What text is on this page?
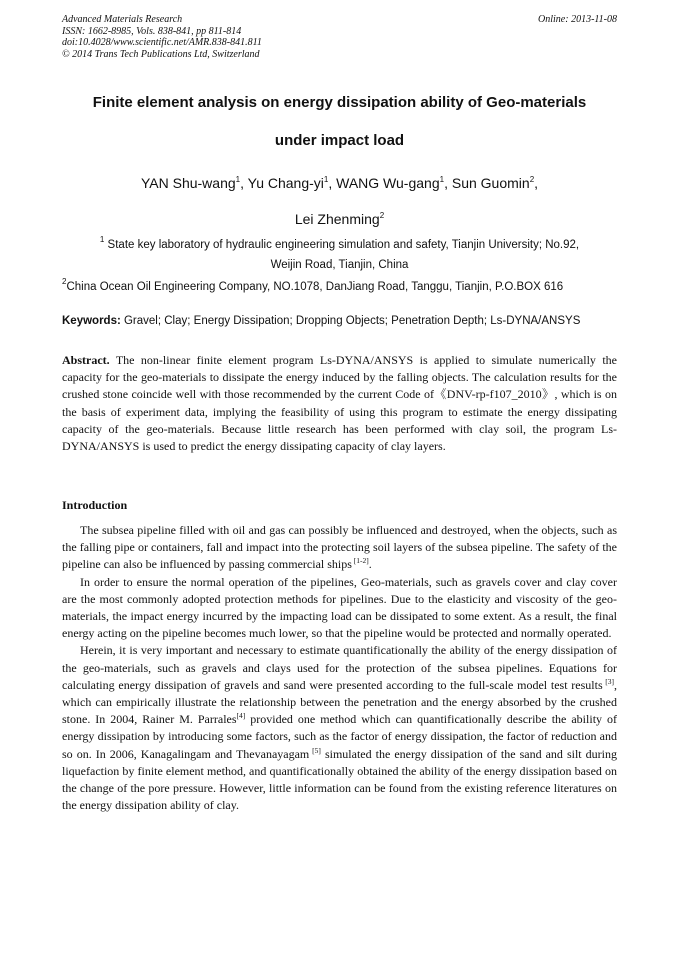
Advanced Materials Research
ISSN: 1662-8985, Vols. 838-841, pp 811-814
doi:10.4028/www.scientific.net/AMR.838-841.811
© 2014 Trans Tech Publications Ltd, Switzerland
Online: 2013-11-08
Finite element analysis on energy dissipation ability of Geo-materials
under impact load
YAN Shu-wang$^1$, Yu Chang-$yi^1$, WANG Wu-gang$^1$, Sun Guomin$^2$,
Lei Zhenming$^2$
$^1$ State key laboratory of hydraulic engineering simulation and safety, Tianjin University; No.92,
Weijin Road, Tianjin, China
$^2$China Ocean Oil Engineering Company, NO.1078, DanJiang Road, Tanggu, Tianjin, P.O.BOX 616
Keywords: Gravel; Clay; Energy Dissipation; Dropping Objects; Penetration Depth; Ls-DYNA/ANSYS
Abstract. The non-linear finite element program Ls-DYNA/ANSYS is applied to simulate numerically the capacity for the geo-materials to dissipate the energy induced by the falling objects. The calculation results for the crushed stone coincide well with those recommended by the current Code of《DNV-rp-f107_2010》, which is on the basis of experiment data, implying the feasibility of using this program to estimate the energy dissipating capacity of the geo-materials. Because little research has been performed with clay soil, the program Ls-DYNA/ANSYS is used to predict the energy dissipating capacity of clay layers.
Introduction

The subsea pipeline filled with oil and gas can possibly be influenced and destroyed, when the objects, such as the falling pipe or containers, fall and impact into the protecting soil layers of the subsea pipeline. The safety of the pipeline can also be influenced by passing commercial ships [1-2].

In order to ensure the normal operation of the pipelines, Geo-materials, such as gravels cover and clay cover are the most commonly adopted protection methods for pipelines. Due to the elasticity and viscosity of the geo-materials, the impact energy incurred by the impacting load can be dissipated to some extent. As a result, the final energy acting on the pipeline becomes much lower, so that the pipeline would be protected and normally operated.

Herein, it is very important and necessary to estimate quantificationally the ability of the energy dissipation of the geo-materials, such as gravels and clays used for the protection of the subsea pipelines. Equations for calculating energy dissipation of gravels and sand were presented according to the full-scale model test results [3], which can empirically illustrate the relationship between the penetration and the energy absorbed by the crushed stone. In 2004, Rainer M. Parrales[4] provided one method which can quantificationally describe the ability of energy dissipation by introducing some factors, such as the factor of energy dissipation, the factor of reduction and so on. In 2006, Kanagalingam and Thevanayagam [5] simulated the energy dissipation of the sand and silt during liquefaction by finite element method, and quantificationally obtained the ability of the energy dissipation based on the change of the pore pressure. However, little information can be found from the existing reference literatures on the energy dissipation ability of clay.
